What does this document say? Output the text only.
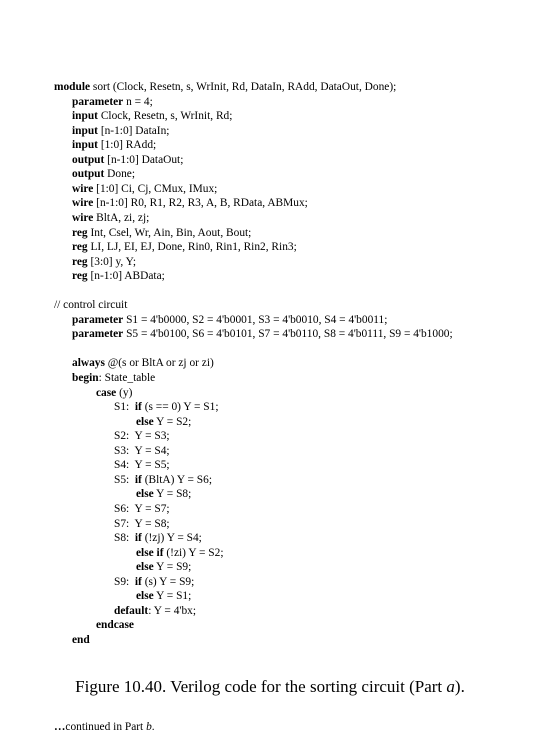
module sort (Clock, Resetn, s, WrInit, Rd, DataIn, RAdd, DataOut, Done);
parameter n = 4;
input Clock, Resetn, s, WrInit, Rd;
input [n-1:0] DataIn;
input [1:0] RAdd;
output [n-1:0] DataOut;
output Done;
wire [1:0] Ci, Cj, CMux, IMux;
wire [n-1:0] R0, R1, R2, R3, A, B, RData, ABMux;
wire BltA, zi, zj;
reg Int, Csel, Wr, Ain, Bin, Aout, Bout;
reg LI, LJ, EI, EJ, Done, Rin0, Rin1, Rin2, Rin3;
reg [3:0] y, Y;
reg [n-1:0] ABData;
// control circuit
parameter S1 = 4'b0000, S2 = 4'b0001, S3 = 4'b0010, S4 = 4'b0011;
parameter S5 = 4'b0100, S6 = 4'b0101, S7 = 4'b0110, S8 = 4'b0111, S9 = 4'b1000;
always @(s or BltA or zj or zi)
begin: State_table
case (y)
S1:  if (s == 0) Y = S1;
else Y = S2;
S2:  Y = S3;
S3:  Y = S4;
S4:  Y = S5;
S5:  if (BltA) Y = S6;
else Y = S8;
S6:  Y = S7;
S7:  Y = S8;
S8:  if (!zj) Y = S4;
else if (!zi) Y = S2;
else Y = S9;
S9:  if (s) Y = S9;
else Y = S1;
default: Y = 4'bx;
endcase
end

…continued in Part b.

Figure 10.40. Verilog code for the sorting circuit (Part a).
